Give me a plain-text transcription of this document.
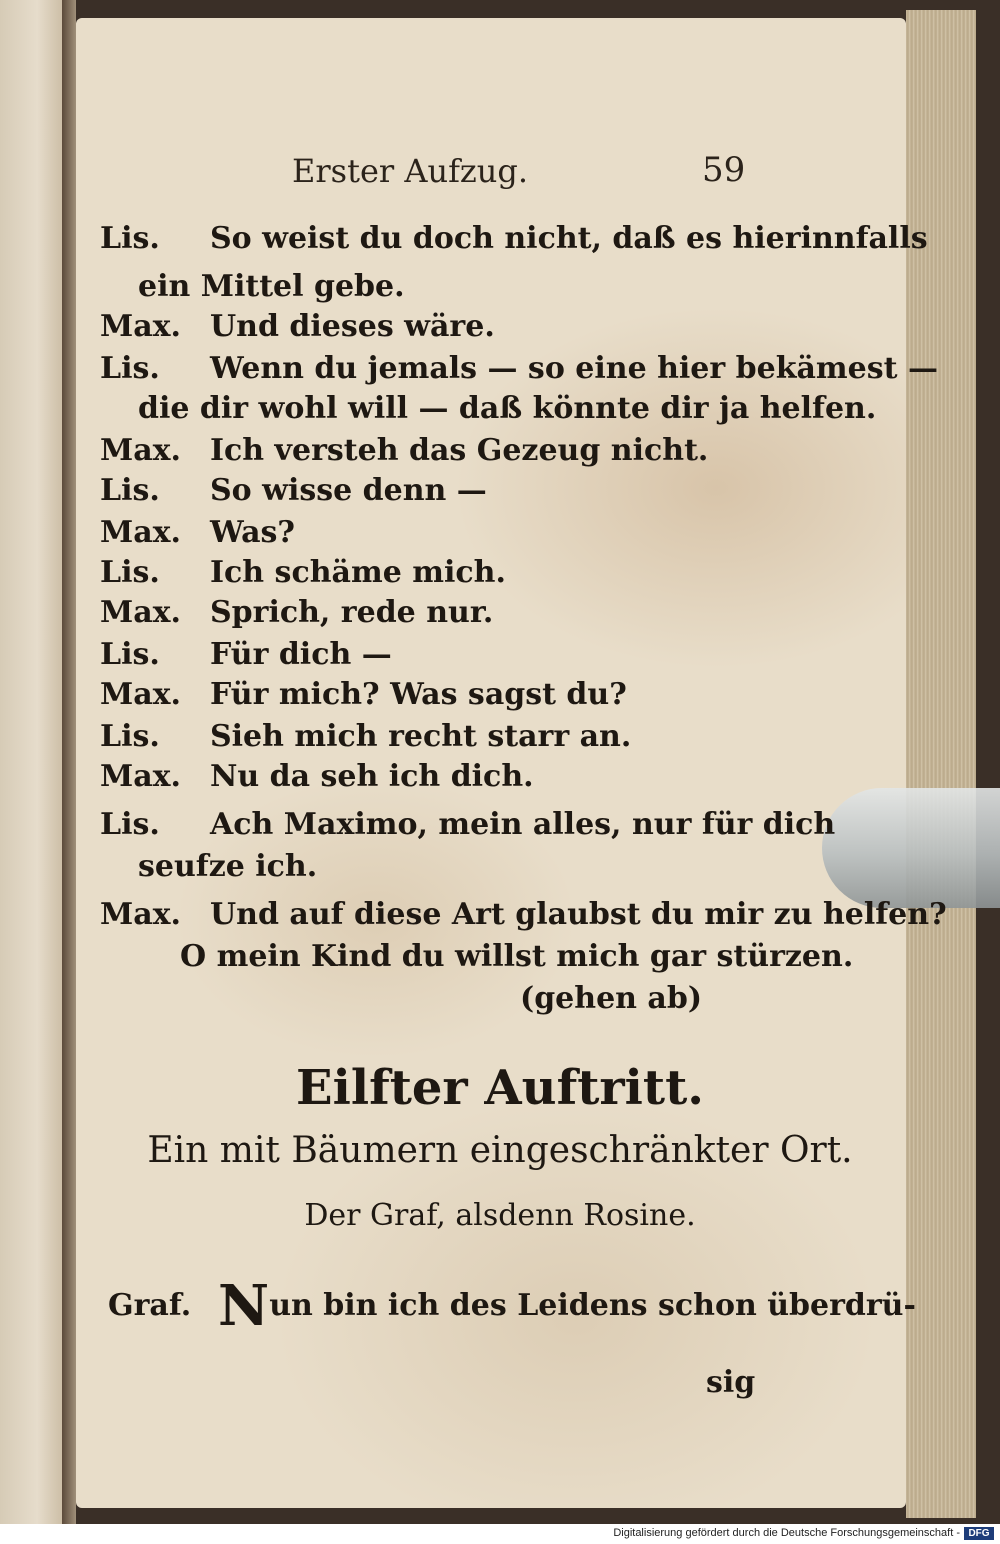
Erster Aufzug.	59
Lis. So weist du doch nicht, daß es hierinnfalls
ein Mittel gebe.
Max. Und dieses wäre.
Lis. Wenn du jemals — so eine hier bekämest —
die dir wohl will — daß könnte dir ja helfen.
Max. Ich versteh das Gezeug nicht.
Lis. So wisse denn —
Max. Was?
Lis. Ich schäme mich.
Max. Sprich, rede nur.
Lis. Für dich —
Max. Für mich? Was sagst du?
Lis. Sieh mich recht starr an.
Max. Nu da seh ich dich.
Lis. Ach Maximo, mein alles, nur für dich
seufze ich.
Max. Und auf diese Art glaubst du mir zu helfen?
O mein Kind du willst mich gar stürzen.
(gehen ab)
Eilfter Auftritt.
Ein mit Bäumern eingeschränkter Ort.
Der Graf, alsdenn Rosine.
Graf. Nun bin ich des Leidens schon überdrü-
sig
Digitalisierung gefördert durch die Deutsche Forschungsgemeinschaft - DFG
